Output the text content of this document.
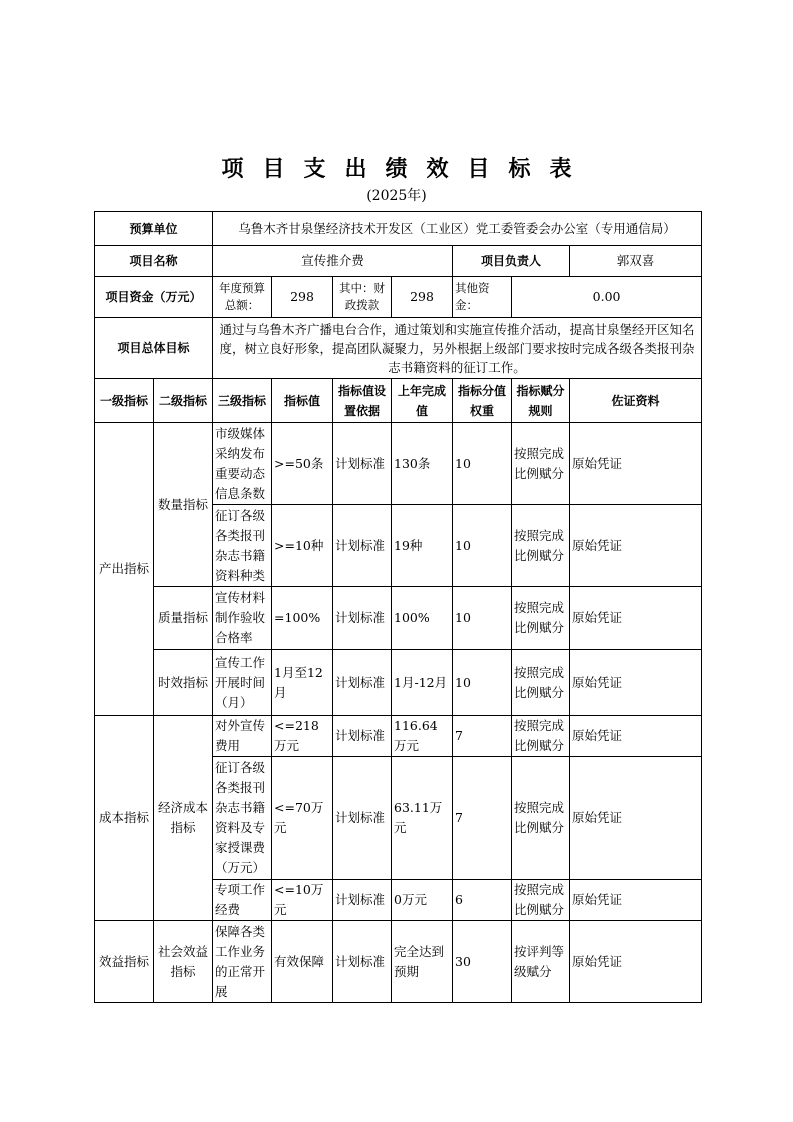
项目支出绩效目标表
(2025年)
预算单位		乌鲁木齐甘泉堡经济技术开发区（工业区）党工委管委会办公室（专用通信局）						
项目名称		宣传推介费				项目负责人		郭双喜
项目资金（万元）		年度预算总额：	298	其中：财政拨款	298	其他资金：	0.00	
项目总体目标		通过与乌鲁木齐广播电台合作，通过策划和实施宣传推介活动，提高甘泉堡经开区知名度，树立良好形象，提高团队凝聚力，另外根据上级部门要求按时完成各级各类报刊杂志书籍资料的征订工作。						
一级指标	二级指标	三级指标	指标值	指标值设置依据	上年完成值	指标分值权重	指标赋分规则	佐证资料
产出指标	数量指标	市级媒体采纳发布重要动态信息条数	>=50条	计划标准	130条	10	按照完成比例赋分	原始凭证
		征订各级各类报刊杂志书籍资料种类	>=10种	计划标准	19种	10	按照完成比例赋分	原始凭证
	质量指标	宣传材料制作验收合格率	=100%	计划标准	100%	10	按照完成比例赋分	原始凭证
	时效指标	宣传工作开展时间（月）	1月至12月	计划标准	1月-12月	10	按照完成比例赋分	原始凭证
成本指标	经济成本指标	对外宣传费用	<=218万元	计划标准	116.64万元	7	按照完成比例赋分	原始凭证
		征订各级各类报刊杂志书籍资料及专家授课费（万元）	<=70万元	计划标准	63.11万元	7	按照完成比例赋分	原始凭证
		专项工作经费	<=10万元	计划标准	0万元	6	按照完成比例赋分	原始凭证
效益指标	社会效益指标	保障各类工作业务的正常开展	有效保障	计划标准	完全达到预期	30	按评判等级赋分	原始凭证
